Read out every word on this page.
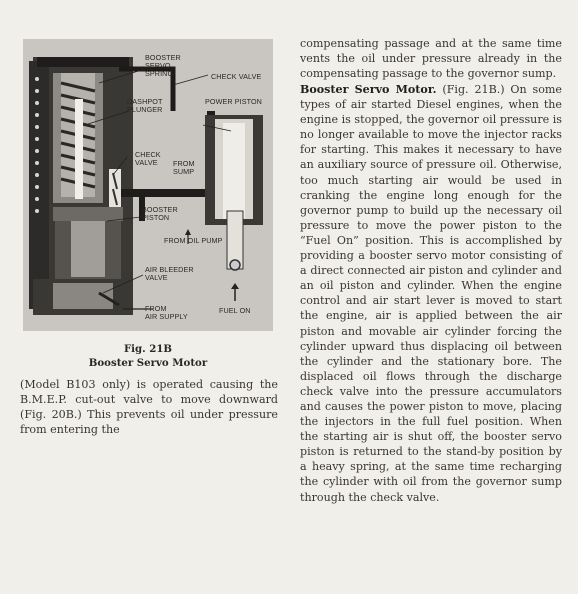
BOOSTER
SERVO
SPRING	CHECK VALVE
DASHPOT
PLUNGER
POWER PISTON
CHECK
VALVE	FROM
SUMP
BOOSTER
PISTON
FROM OIL PUMP
AIR BLEEDER
VALVE
FROM
AIR SUPPLY
FUEL ON
Fig. 21B
Booster Servo Motor
(Model B103 only) is operated causing the B.M.E.P. cut-out valve to move downward (Fig. 20B.) This prevents oil under pressure from entering the
compensating passage and at the same time vents the oil under pressure already in the compensating passage to the governor sump.
Booster Servo Motor. (Fig. 21B.) On some types of air started Diesel engines, when the engine is stopped, the governor oil pressure is no longer available to move the injector racks for starting. This makes it necessary to have an auxiliary source of pressure oil. Otherwise, too much starting air would be used in cranking the engine long enough for the governor pump to build up the necessary oil pressure to move the power piston to the “Fuel On” position. This is accomplished by providing a booster servo motor consisting of a direct connected air piston and cylinder and an oil piston and cylinder. When the engine control and air start lever is moved to start the engine, air is applied between the air piston and movable air cylinder forcing the cylinder upward thus displacing oil between the cylinder and the stationary bore. The displaced oil flows through the discharge check valve into the pressure accumulators and causes the power piston to move, placing the injectors in the full fuel position. When the starting air is shut off, the booster servo piston is returned to the stand-by position by a heavy spring, at the same time recharging the cylinder with oil from the governor sump through the check valve.
